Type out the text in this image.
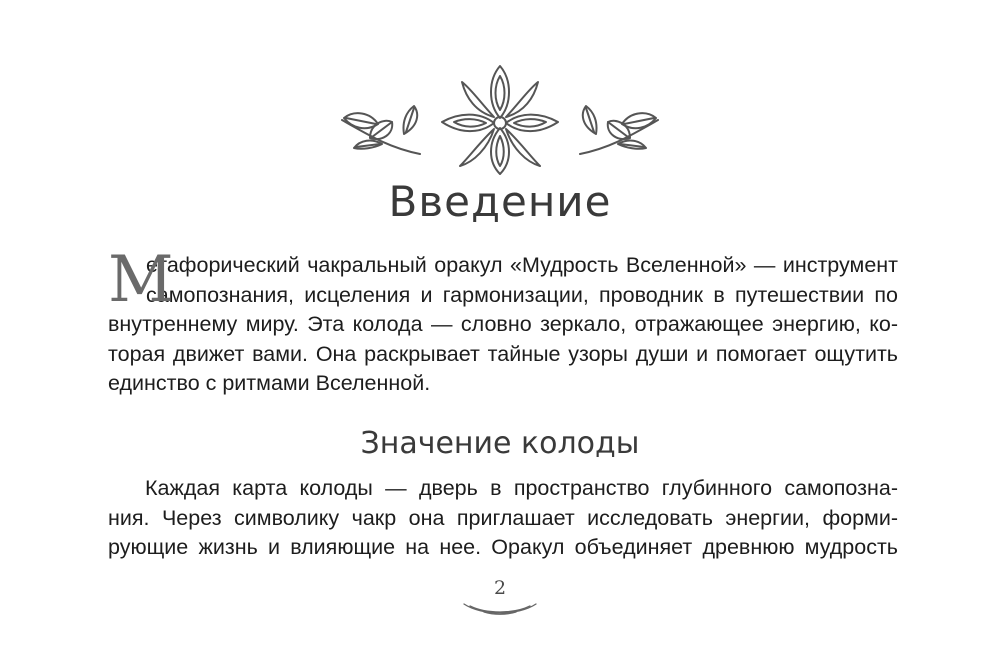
Введение
М
етафорический чакральный оракул «Мудрость Вселенной» — инструмент
самопознания, исцеления и гармонизации, проводник в путешествии по
внутреннему миру. Эта колода — словно зеркало, отражающее энергию, ко-
торая движет вами. Она раскрывает тайные узоры души и помогает ощутить
единство с ритмами Вселенной.
Значение колоды
Каждая карта колоды — дверь в пространство глубинного самопозна-
ния. Через символику чакр она приглашает исследовать энергии, форми-
рующие жизнь и влияющие на нее. Оракул объединяет древнюю мудрость
2
